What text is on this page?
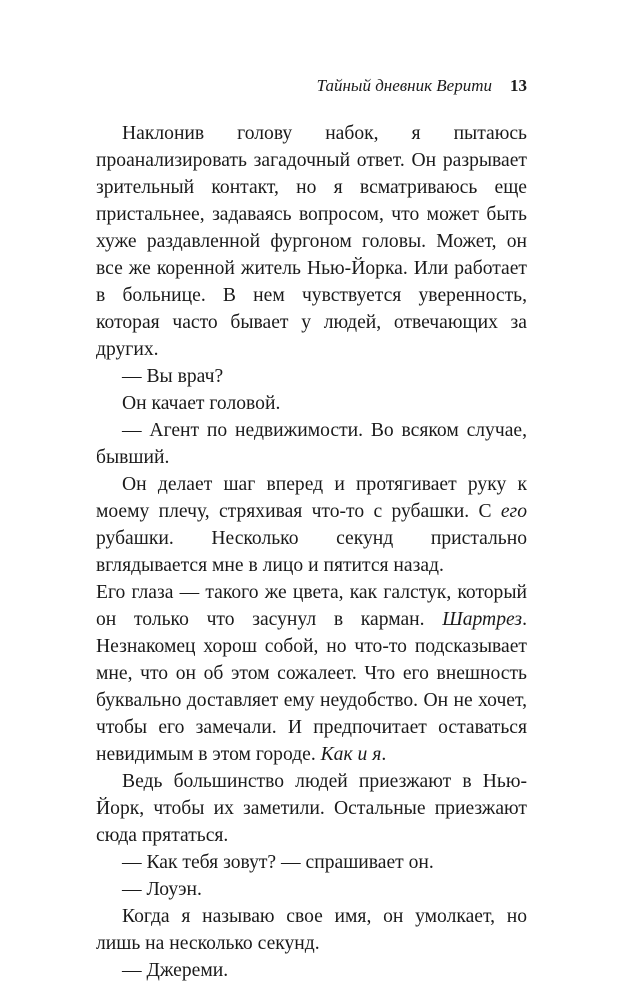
Тайный дневник Верити 13

Наклонив голову набок, я пытаюсь проанализировать загадочный ответ. Он разрывает зрительный контакт, но я всматриваюсь еще пристальнее, задаваясь вопросом, что может быть хуже раздавленной фургоном головы. Может, он все же коренной житель Нью-Йорка. Или работает в больнице. В нем чувствуется уверенность, которая часто бывает у людей, отвечающих за других.

— Вы врач?

Он качает головой.

— Агент по недвижимости. Во всяком случае, бывший.

Он делает шаг вперед и протягивает руку к моему плечу, стряхивая что-то с рубашки. С его рубашки. Несколько секунд пристально вглядывается мне в лицо и пятится назад.

Его глаза — такого же цвета, как галстук, который он только что засунул в карман. Шартрез. Незнакомец хорош собой, но что-то подсказывает мне, что он об этом сожалеет. Что его внешность буквально доставляет ему неудобство. Он не хочет, чтобы его замечали. И предпочитает оставаться невидимым в этом городе. Как и я.

Ведь большинство людей приезжают в Нью-Йорк, чтобы их заметили. Остальные приезжают сюда прятаться.

— Как тебя зовут? — спрашивает он.

— Лоуэн.

Когда я называю свое имя, он умолкает, но лишь на несколько секунд.

— Джереми.
